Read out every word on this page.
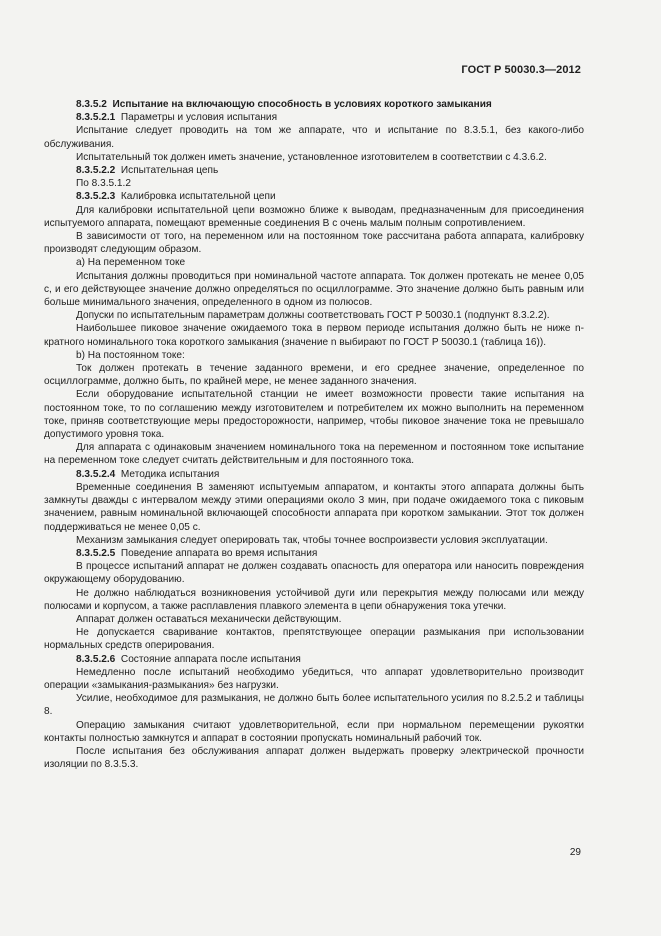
ГОСТ Р 50030.3—2012

8.3.5.2 Испытание на включающую способность в условиях короткого замыкания

8.3.5.2.1 Параметры и условия испытания

Испытание следует проводить на том же аппарате, что и испытание по 8.3.5.1, без какого-либо обслуживания.

Испытательный ток должен иметь значение, установленное изготовителем в соответствии с 4.3.6.2.

8.3.5.2.2 Испытательная цепь

По 8.3.5.1.2

8.3.5.2.3 Калибровка испытательной цепи

Для калибровки испытательной цепи возможно ближе к выводам, предназначенным для присоединения испытуемого аппарата, помещают временные соединения В с очень малым полным сопротивлением.

В зависимости от того, на переменном или на постоянном токе рассчитана работа аппарата, калибровку производят следующим образом.

а) На переменном токе

Испытания должны проводиться при номинальной частоте аппарата. Ток должен протекать не менее 0,05 с, и его действующее значение должно определяться по осциллограмме. Это значение должно быть равным или больше минимального значения, определенного в одном из полюсов.

Допуски по испытательным параметрам должны соответствовать ГОСТ Р 50030.1 (подпункт 8.3.2.2).

Наибольшее пиковое значение ожидаемого тока в первом периоде испытания должно быть не ниже n-кратного номинального тока короткого замыкания (значение n выбирают по ГОСТ Р 50030.1 (таблица 16)).

b) На постоянном токе:

Ток должен протекать в течение заданного времени, и его среднее значение, определенное по осциллограмме, должно быть, по крайней мере, не менее заданного значения.

Если оборудование испытательной станции не имеет возможности провести такие испытания на постоянном токе, то по соглашению между изготовителем и потребителем их можно выполнить на переменном токе, приняв соответствующие меры предосторожности, например, чтобы пиковое значение тока не превышало допустимого уровня тока.

Для аппарата с одинаковым значением номинального тока на переменном и постоянном токе испытание на переменном токе следует считать действительным и для постоянного тока.

8.3.5.2.4 Методика испытания

Временные соединения В заменяют испытуемым аппаратом, и контакты этого аппарата должны быть замкнуты дважды с интервалом между этими операциями около 3 мин, при подаче ожидаемого тока с пиковым значением, равным номинальной включающей способности аппарата при коротком замыкании. Этот ток должен поддерживаться не менее 0,05 с.

Механизм замыкания следует оперировать так, чтобы точнее воспроизвести условия эксплуатации.

8.3.5.2.5 Поведение аппарата во время испытания

В процессе испытаний аппарат не должен создавать опасность для оператора или наносить повреждения окружающему оборудованию.

Не должно наблюдаться возникновения устойчивой дуги или перекрытия между полюсами или между полюсами и корпусом, а также расплавления плавкого элемента в цепи обнаружения тока утечки.

Аппарат должен оставаться механически действующим.

Не допускается сваривание контактов, препятствующее операции размыкания при использовании нормальных средств оперирования.

8.3.5.2.6 Состояние аппарата после испытания

Немедленно после испытаний необходимо убедиться, что аппарат удовлетворительно производит операции «замыкания-размыкания» без нагрузки.

Усилие, необходимое для размыкания, не должно быть более испытательного усилия по 8.2.5.2 и таблицы 8.

Операцию замыкания считают удовлетворительной, если при нормальном перемещении рукоятки контакты полностью замкнутся и аппарат в состоянии пропускать номинальный рабочий ток.

После испытания без обслуживания аппарат должен выдержать проверку электрической прочности изоляции по 8.3.5.3.

29
